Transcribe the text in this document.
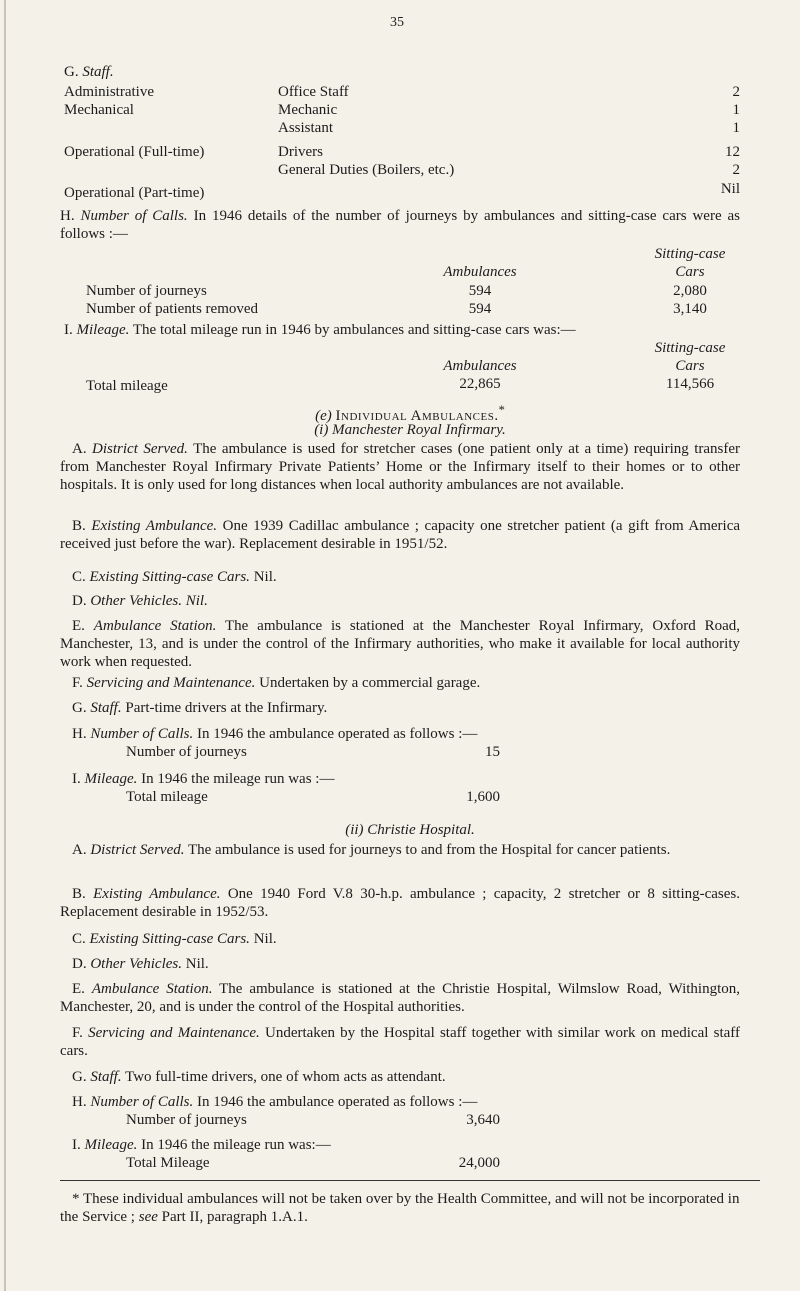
35
G. Staff.
Administrative	Office Staff	2
Mechanical	Mechanic	1
Assistant	1
Operational (Full-time)	Drivers	12
General Duties (Boilers, etc.)	2
Operational (Part-time)	Nil
H. Number of Calls. In 1946 details of the number of journeys by ambulances and sitting-case cars were as follows :—
Sitting-case
Ambulances	Cars
Number of journeys	594	2,080
Number of patients removed	594	3,140
I. Mileage. The total mileage run in 1946 by ambulances and sitting-case cars was:—
Sitting-case
Ambulances	Cars
Total mileage	22,865	114,566
(e) Individual Ambulances.*
(i) Manchester Royal Infirmary.
A. District Served. The ambulance is used for stretcher cases (one patient only at a time) requiring transfer from Manchester Royal Infirmary Private Patients’ Home or the Infirmary itself to their homes or to other hospitals. It is only used for long distances when local authority ambulances are not available.
B. Existing Ambulance. One 1939 Cadillac ambulance ; capacity one stretcher patient (a gift from America received just before the war). Replacement desirable in 1951/52.
C. Existing Sitting-case Cars. Nil.
D. Other Vehicles. Nil.
E. Ambulance Station. The ambulance is stationed at the Manchester Royal Infirmary, Oxford Road, Manchester, 13, and is under the control of the Infirmary authorities, who make it available for local authority work when requested.
F. Servicing and Maintenance. Undertaken by a commercial garage.
G. Staff. Part-time drivers at the Infirmary.
H. Number of Calls. In 1946 the ambulance operated as follows :—
Number of journeys	15
I. Mileage. In 1946 the mileage run was :—
Total mileage	1,600
(ii) Christie Hospital.
A. District Served. The ambulance is used for journeys to and from the Hospital for cancer patients.
B. Existing Ambulance. One 1940 Ford V.8 30-h.p. ambulance ; capacity, 2 stretcher or 8 sitting-cases. Replacement desirable in 1952/53.
C. Existing Sitting-case Cars. Nil.
D. Other Vehicles. Nil.
E. Ambulance Station. The ambulance is stationed at the Christie Hospital, Wilmslow Road, Withington, Manchester, 20, and is under the control of the Hospital authorities.
F. Servicing and Maintenance. Undertaken by the Hospital staff together with similar work on medical staff cars.
G. Staff. Two full-time drivers, one of whom acts as attendant.
H. Number of Calls. In 1946 the ambulance operated as follows :—
Number of journeys	3,640
I. Mileage. In 1946 the mileage run was:—
Total Mileage	24,000
* These individual ambulances will not be taken over by the Health Committee, and will not be incorporated in the Service ; see Part II, paragraph 1.A.1.
